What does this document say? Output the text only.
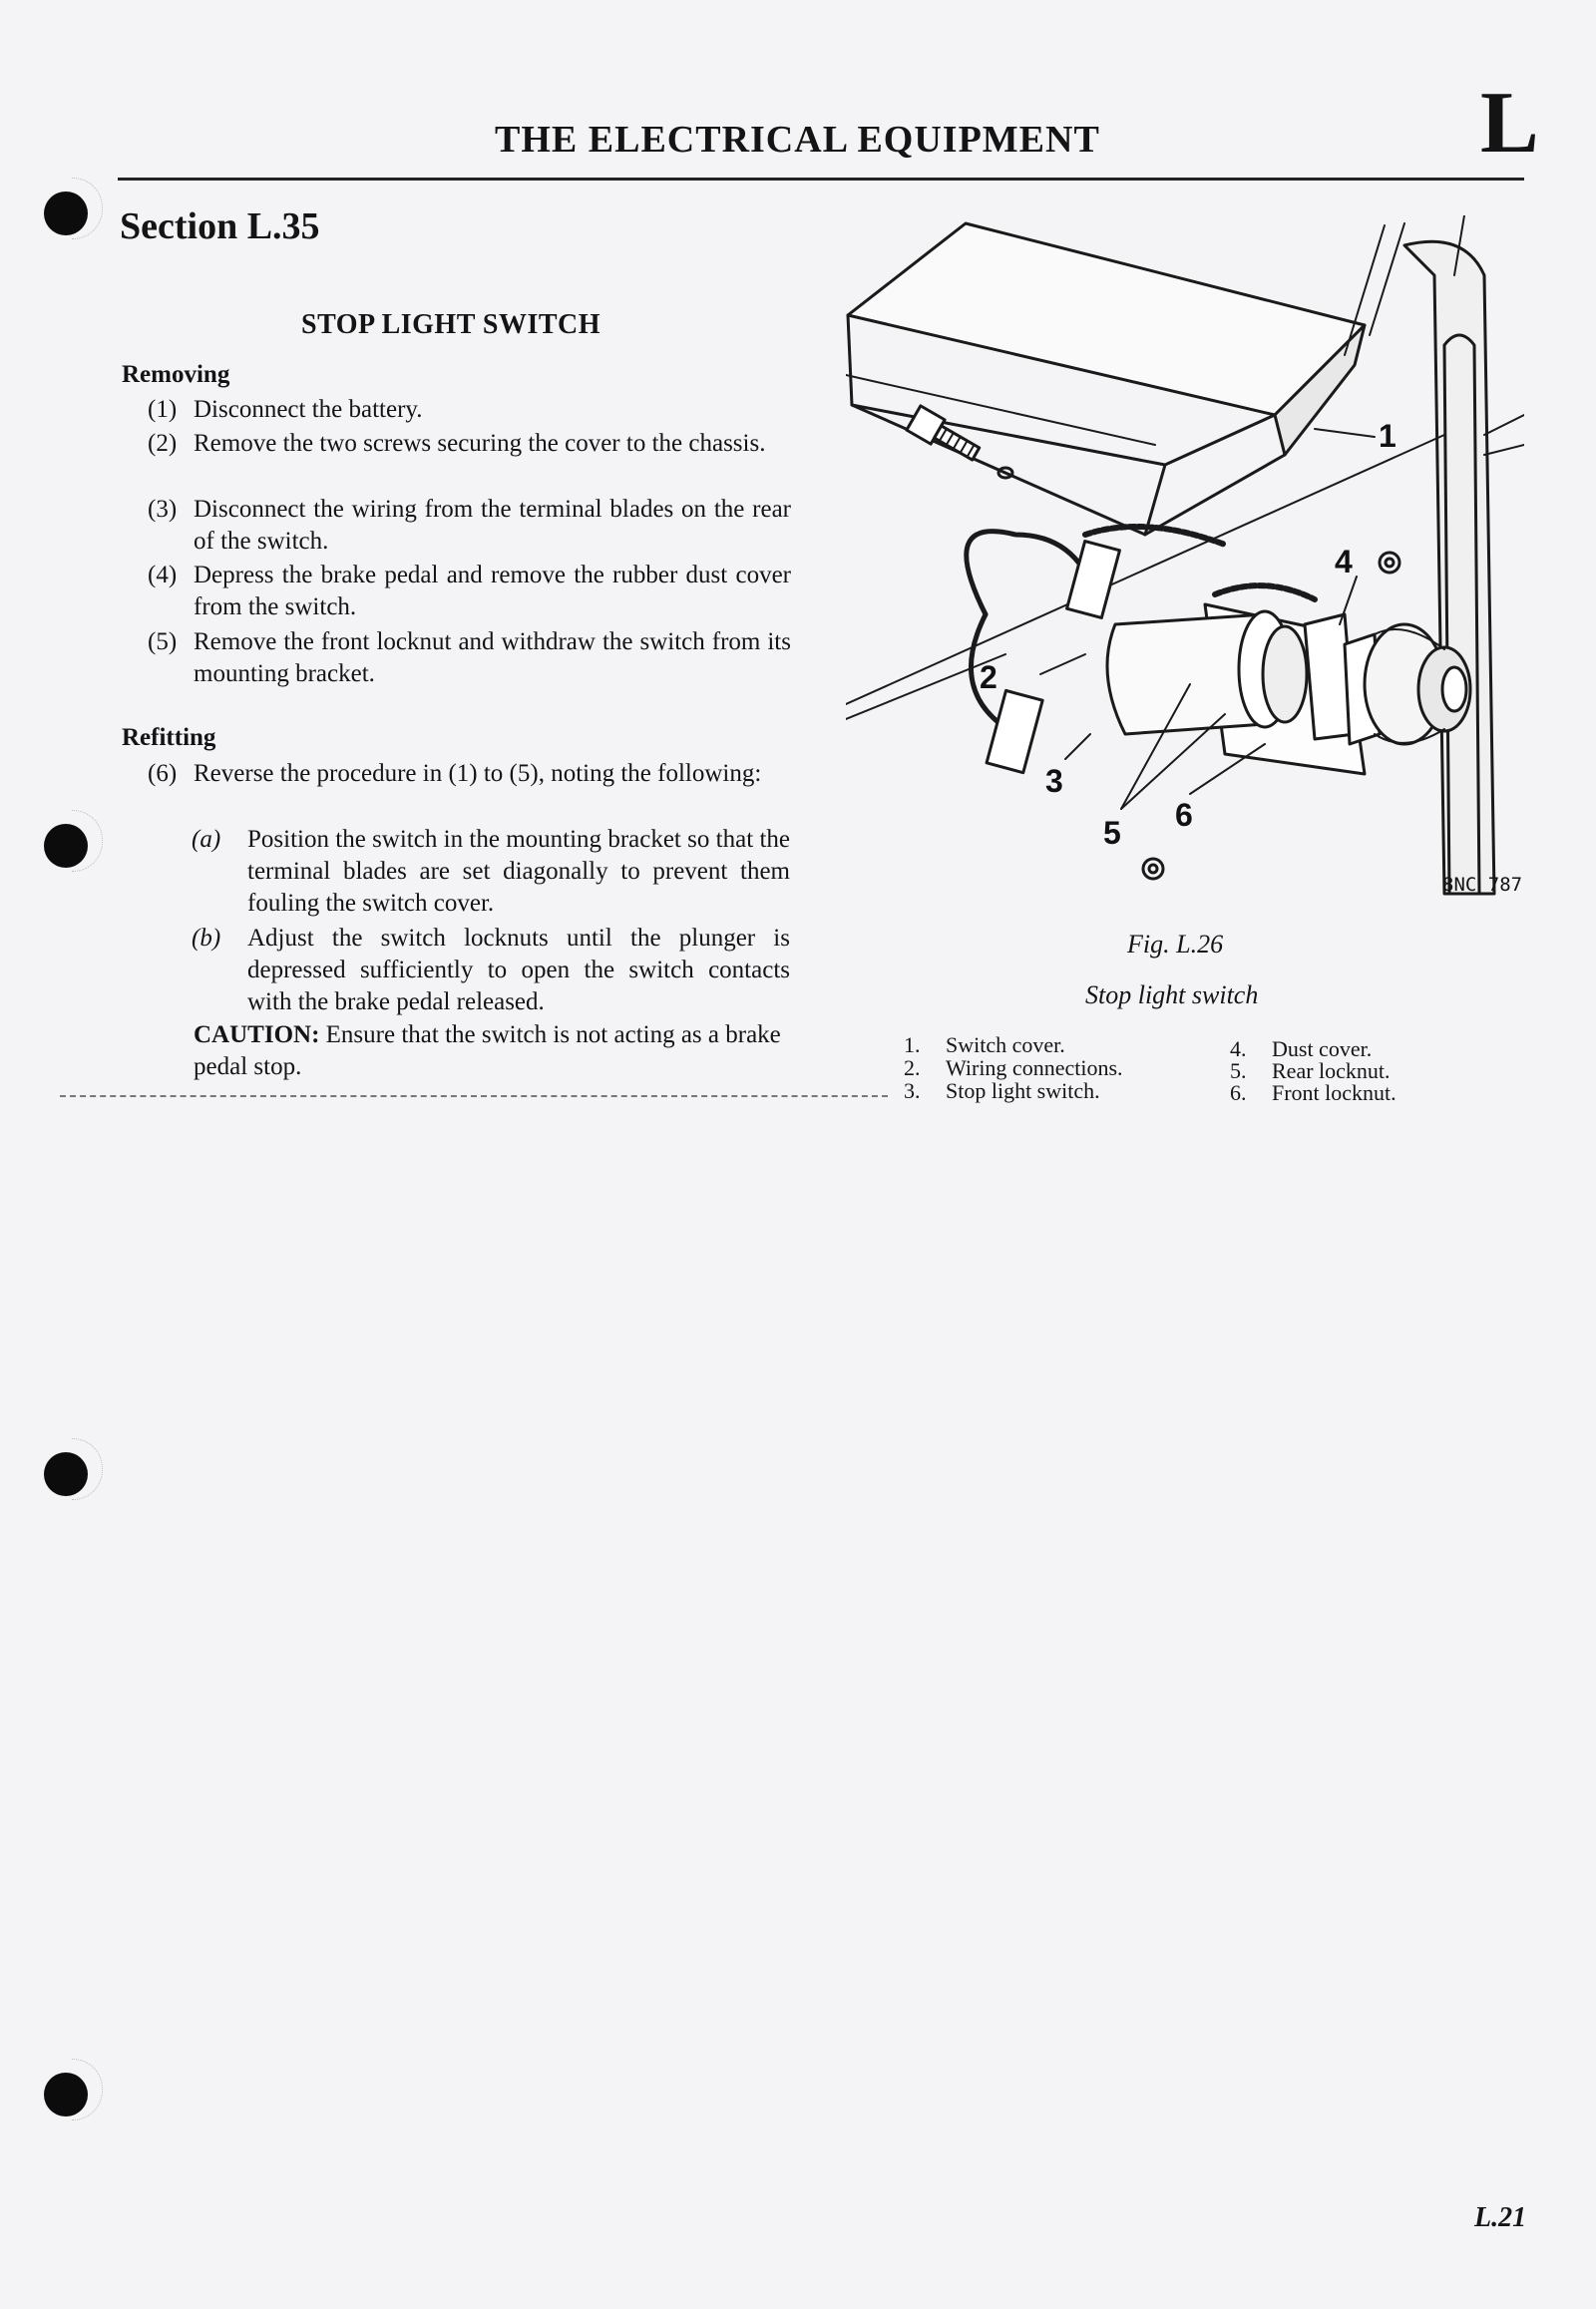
THE ELECTRICAL EQUIPMENT	L
Section L.35
STOP LIGHT SWITCH
Removing
(1) Disconnect the battery.
(2) Remove the two screws securing the cover to the chassis.
(3) Disconnect the wiring from the terminal blades on the rear of the switch.
(4) Depress the brake pedal and remove the rubber dust cover from the switch.
(5) Remove the front locknut and withdraw the switch from its mounting bracket.
Refitting
(6) Reverse the procedure in (1) to (5), noting the following:
(a) Position the switch in the mounting bracket so that the terminal blades are set diagonally to prevent them fouling the switch cover.
(b) Adjust the switch locknuts until the plunger is depressed sufficiently to open the switch contacts with the brake pedal released.
CAUTION: Ensure that the switch is not acting as a brake pedal stop.
1
2
3
4
5 6
8NC 787
Fig. L.26
Stop light switch
1. Switch cover.
2. Wiring connections.
3. Stop light switch.
4. Dust cover.
5. Rear locknut.
6. Front locknut.
L.21
